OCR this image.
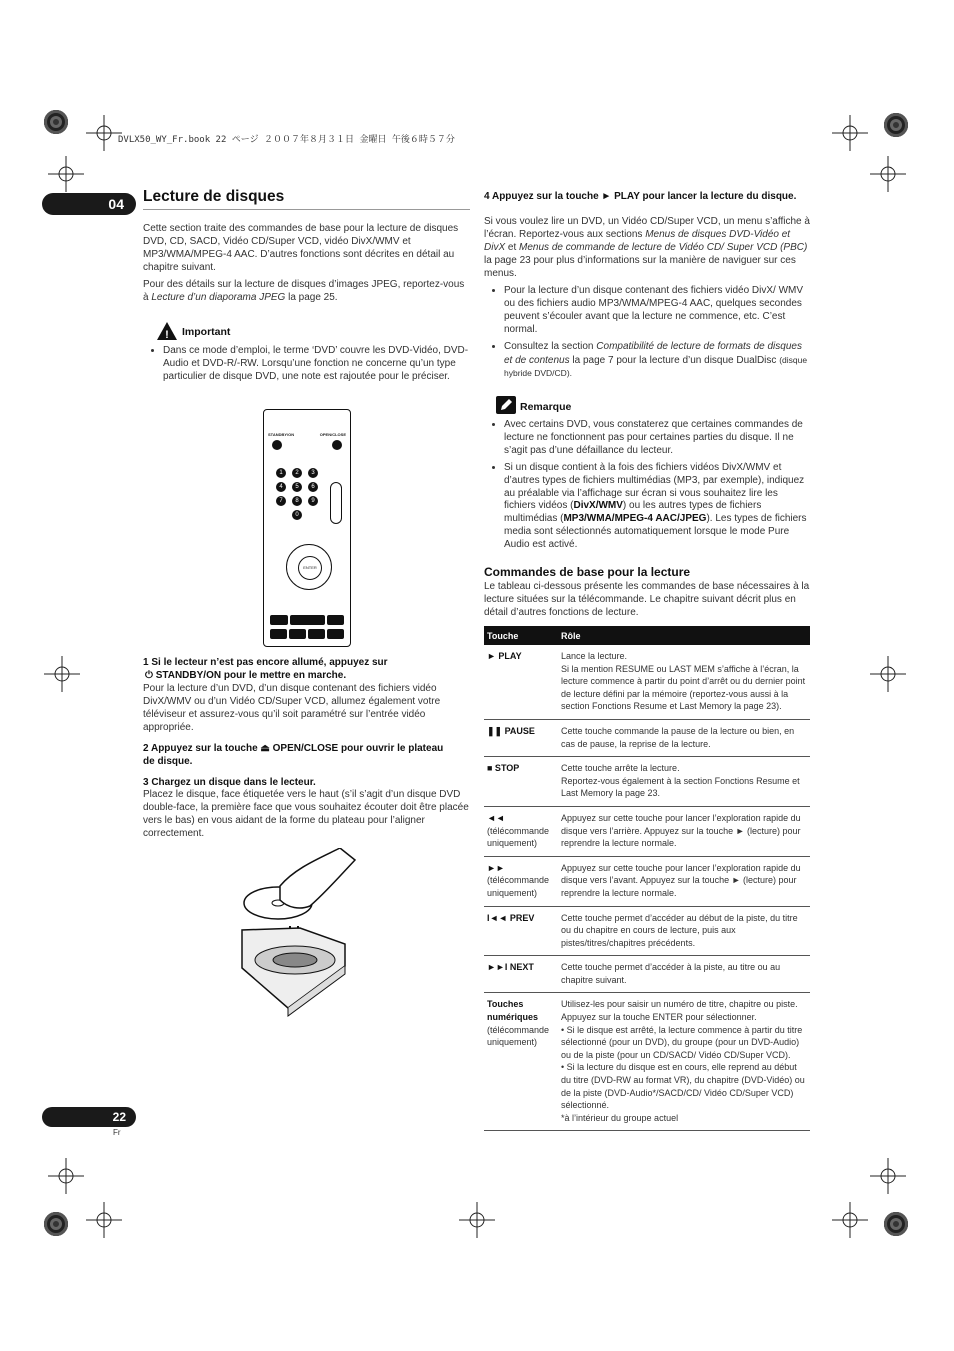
DVLX50_WY_Fr.book 22 ページ ２００７年８月３１日 金曜日 午後６時５７分
04	Lecture de disques
Cette section traite des commandes de base pour la lecture de disques DVD, CD, SACD, Vidéo CD/Super VCD, vidéo DivX/WMV et MP3/WMA/MPEG-4 AAC. D’autres fonctions sont décrites en détail au chapitre suivant.
Pour des détails sur la lecture de disques d’images JPEG, reportez-vous à Lecture d’un diaporama JPEG la page 25.
! Important
• Dans ce mode d’emploi, le terme ‘DVD’ couvre les DVD-Vidéo, DVD-Audio et DVD-R/-RW. Lorsqu’une fonction ne concerne qu’un type particulier de disque DVD, une note est rajoutée pour le préciser.
STANDBY/ON	OPEN/CLOSE
1	2	3
4	5	6
7	8	9
0
ENTER
1 Si le lecteur n’est pas encore allumé, appuyez sur
⏻ STANDBY/ON pour le mettre en marche.
Pour la lecture d’un DVD, d’un disque contenant des fichiers vidéo DivX/WMV ou d’un Vidéo CD/Super VCD, allumez également votre téléviseur et assurez-vous qu’il soit paramétré sur l’entrée vidéo appropriée.
2 Appuyez sur la touche ⏏ OPEN/CLOSE pour ouvrir le plateau de disque.
3 Chargez un disque dans le lecteur.
Placez le disque, face étiquetée vers le haut (s’il s’agit d’un disque DVD double-face, la première face que vous souhaitez écouter doit être placée vers le bas) en vous aidant de la forme du plateau pour l’aligner correctement.
4 Appuyez sur la touche ► PLAY pour lancer la lecture du disque.
Si vous voulez lire un DVD, un Vidéo CD/Super VCD, un menu s’affiche à l’écran. Reportez-vous aux sections Menus de disques DVD-Vidéo et DivX et Menus de commande de lecture de Vidéo CD/ Super VCD (PBC) la page 23 pour plus d’informations sur la manière de naviguer sur ces menus.
• Pour la lecture d’un disque contenant des fichiers vidéo DivX/ WMV ou des fichiers audio MP3/WMA/MPEG-4 AAC, quelques secondes peuvent s’écouler avant que la lecture ne commence, etc. C’est normal.
• Consultez la section Compatibilité de lecture de formats de disques et de contenus la page 7 pour la lecture d’un disque DualDisc (disque hybride DVD/CD).
Remarque
• Avec certains DVD, vous constaterez que certaines commandes de lecture ne fonctionnent pas pour certaines parties du disque. Il ne s’agit pas d’une défaillance du lecteur.
• Si un disque contient à la fois des fichiers vidéos DivX/WMV et d’autres types de fichiers multimédias (MP3, par exemple), indiquez au préalable via l’affichage sur écran si vous souhaitez lire les fichiers vidéos (DivX/WMV) ou les autres types de fichiers multimédias (MP3/WMA/MPEG-4 AAC/JPEG). Les types de fichiers media sont sélectionnés automatiquement lorsque le mode Pure Audio est activé.
Commandes de base pour la lecture
Le tableau ci-dessous présente les commandes de base nécessaires à la lecture situées sur la télécommande. Le chapitre suivant décrit plus en détail d’autres fonctions de lecture.
Touche	Rôle

► PLAY	Lance la lecture.
Si la mention RESUME ou LAST MEM s’affiche à l’écran, la lecture commence à partir du point d’arrêt ou du dernier point de lecture défini par la mémoire (reportez-vous aussi à la section Fonctions Resume et Last Memory la page 23).

❚❚ PAUSE	Cette touche commande la pause de la lecture ou bien, en cas de pause, la reprise de la lecture.

■ STOP	Cette touche arrête la lecture.
Reportez-vous également à la section Fonctions Resume et Last Memory la page 23.

◄◄
(télécommande uniquement)	Appuyez sur cette touche pour lancer l’exploration rapide du disque vers l’arrière. Appuyez sur la touche ► (lecture) pour reprendre la lecture normale.

►►
(télécommande uniquement)	Appuyez sur cette touche pour lancer l’exploration rapide du disque vers l’avant. Appuyez sur la touche ► (lecture) pour reprendre la lecture normale.

I◄◄ PREV	Cette touche permet d’accéder au début de la piste, du titre ou du chapitre en cours de lecture, puis aux pistes/titres/chapitres précédents.

►►I NEXT	Cette touche permet d’accéder à la piste, au titre ou au chapitre suivant.

Touches numériques
(télécommande uniquement)	Utilisez-les pour saisir un numéro de titre, chapitre ou piste. Appuyez sur la touche ENTER pour sélectionner.
• Si le disque est arrêté, la lecture commence à partir du titre sélectionné (pour un DVD), du groupe (pour un DVD-Audio) ou de la piste (pour un CD/SACD/ Vidéo CD/Super VCD).
• Si la lecture du disque est en cours, elle reprend au début du titre (DVD-RW au format VR), du chapitre (DVD-Vidéo) ou de la piste (DVD-Audio*/SACD/CD/ Vidéo CD/Super VCD) sélectionné.
*à l’intérieur du groupe actuel
22
Fr
